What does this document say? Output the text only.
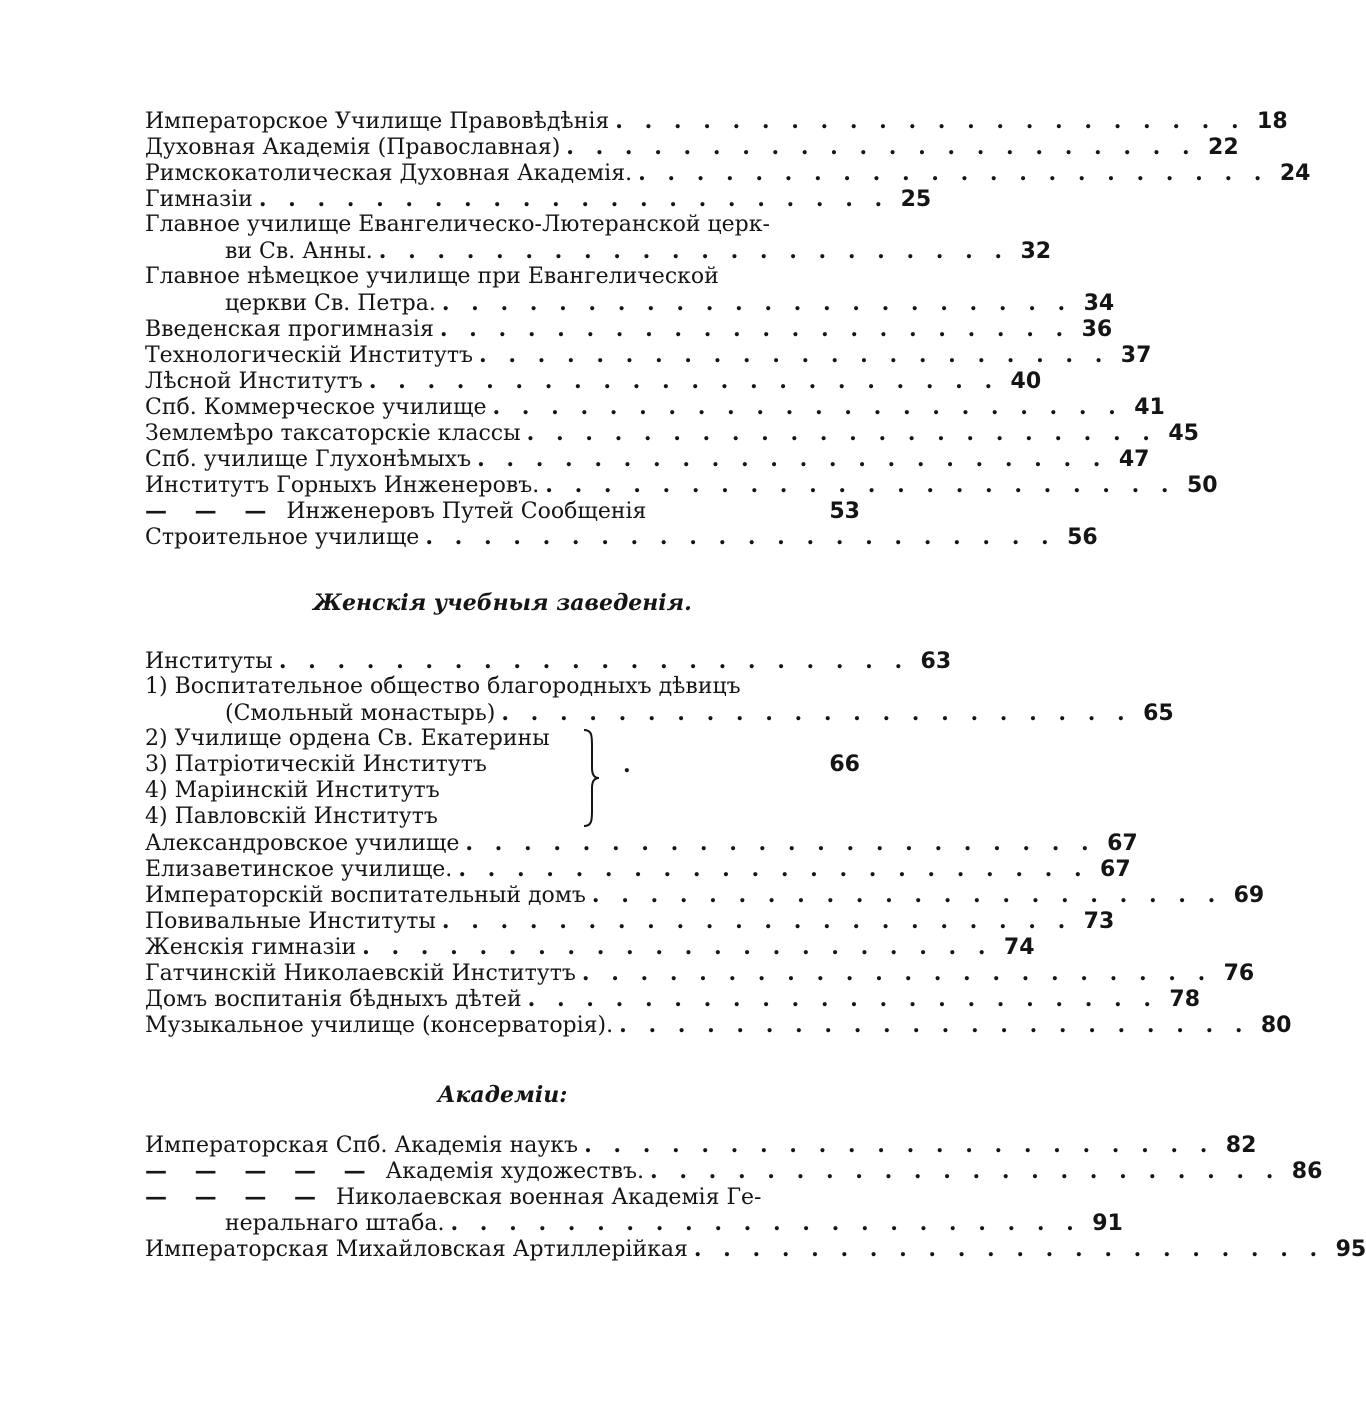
Императорское Училище Правовѣдѣнія . . . . . . . . . . . . . . . . . . . . . . 18
Духовная Академія (Православная) . . . . . . . . . . . . . . . . . . . . . . 22
Римскокатолическая Духовная Академія. . . . . . . . . . . . . . . . . . . . . . . 24
Гимназіи . . . . . . . . . . . . . . . . . . . . . . 25
Главное училище Евангелическо-Лютеранской церк-
ви Св. Анны. . . . . . . . . . . . . . . . . . . . . . . 32
Главное нѣмецкое училище при Евангелической
церкви Св. Петра. . . . . . . . . . . . . . . . . . . . . . . 34
Введенская прогимназія . . . . . . . . . . . . . . . . . . . . . . 36
Технологическій Институтъ . . . . . . . . . . . . . . . . . . . . . . 37
Лѣсной Институтъ . . . . . . . . . . . . . . . . . . . . . . 40
Спб. Коммерческое училище . . . . . . . . . . . . . . . . . . . . . . 41
Землемѣро таксаторскіе классы . . . . . . . . . . . . . . . . . . . . . . 45
Спб. училище Глухонѣмыхъ . . . . . . . . . . . . . . . . . . . . . . 47
Институтъ Горныхъ Инженеровъ. . . . . . . . . . . . . . . . . . . . . . . 50
— — — Инженеровъ Путей Сообщенія	53
Строительное училище . . . . . . . . . . . . . . . . . . . . . . 56
Женскія учебныя заведенія.
Институты . . . . . . . . . . . . . . . . . . . . . . 63
1) Воспитательное общество благородныхъ дѣвицъ
(Смольный монастырь) . . . . . . . . . . . . . . . . . . . . . . 65
2) Училище ордена Св. Екатерины
3) Патріотическій Институтъ
4) Маріинскій Институтъ
4) Павловскій Институтъ
.	66
Александровское училище . . . . . . . . . . . . . . . . . . . . . . 67
Елизаветинское училище. . . . . . . . . . . . . . . . . . . . . . . 67
Императорскій воспитательный домъ . . . . . . . . . . . . . . . . . . . . . . 69
Повивальные Институты . . . . . . . . . . . . . . . . . . . . . . 73
Женскія гимназіи . . . . . . . . . . . . . . . . . . . . . . 74
Гатчинскій Николаевскій Институтъ . . . . . . . . . . . . . . . . . . . . . . 76
Домъ воспитанія бѣдныхъ дѣтей . . . . . . . . . . . . . . . . . . . . . . 78
Музыкальное училище (консерваторія). . . . . . . . . . . . . . . . . . . . . . . 80
Академіи:
Императорская Спб. Академія наукъ . . . . . . . . . . . . . . . . . . . . . . 82
— — — — — Академія художествъ. . . . . . . . . . . . . . . . . . . . . . . 86
— — — — Николаевская военная Академія Ге-
неральнаго штаба. . . . . . . . . . . . . . . . . . . . . . . 91
Императорская Михайловская Артиллерійкая . . . . . . . . . . . . . . . . . . . . . . 95
